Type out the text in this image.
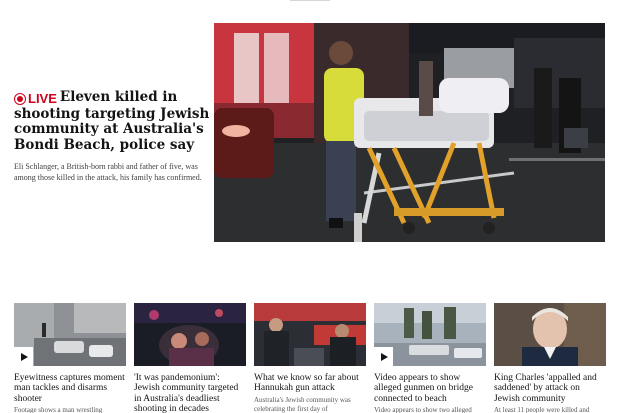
LIVE Eleven killed in shooting targeting Jewish community at Australia's Bondi Beach, police say

Eli Schlanger, a British-born rabbi and father of five, was among those killed in the attack, his family has confirmed.

Eyewitness captures moment man tackles and disarms shooter
Footage shows a man wrestling
'It was pandemonium': Jewish community targeted in Australia's deadliest shooting in decades
What we know so far about Hannukah gun attack
Australia's Jewish community was celebrating the first day of
Video appears to show alleged gunmen on bridge connected to beach
Video appears to show two alleged
King Charles 'appalled and saddened' by attack on Jewish community
At least 11 people were killed and
